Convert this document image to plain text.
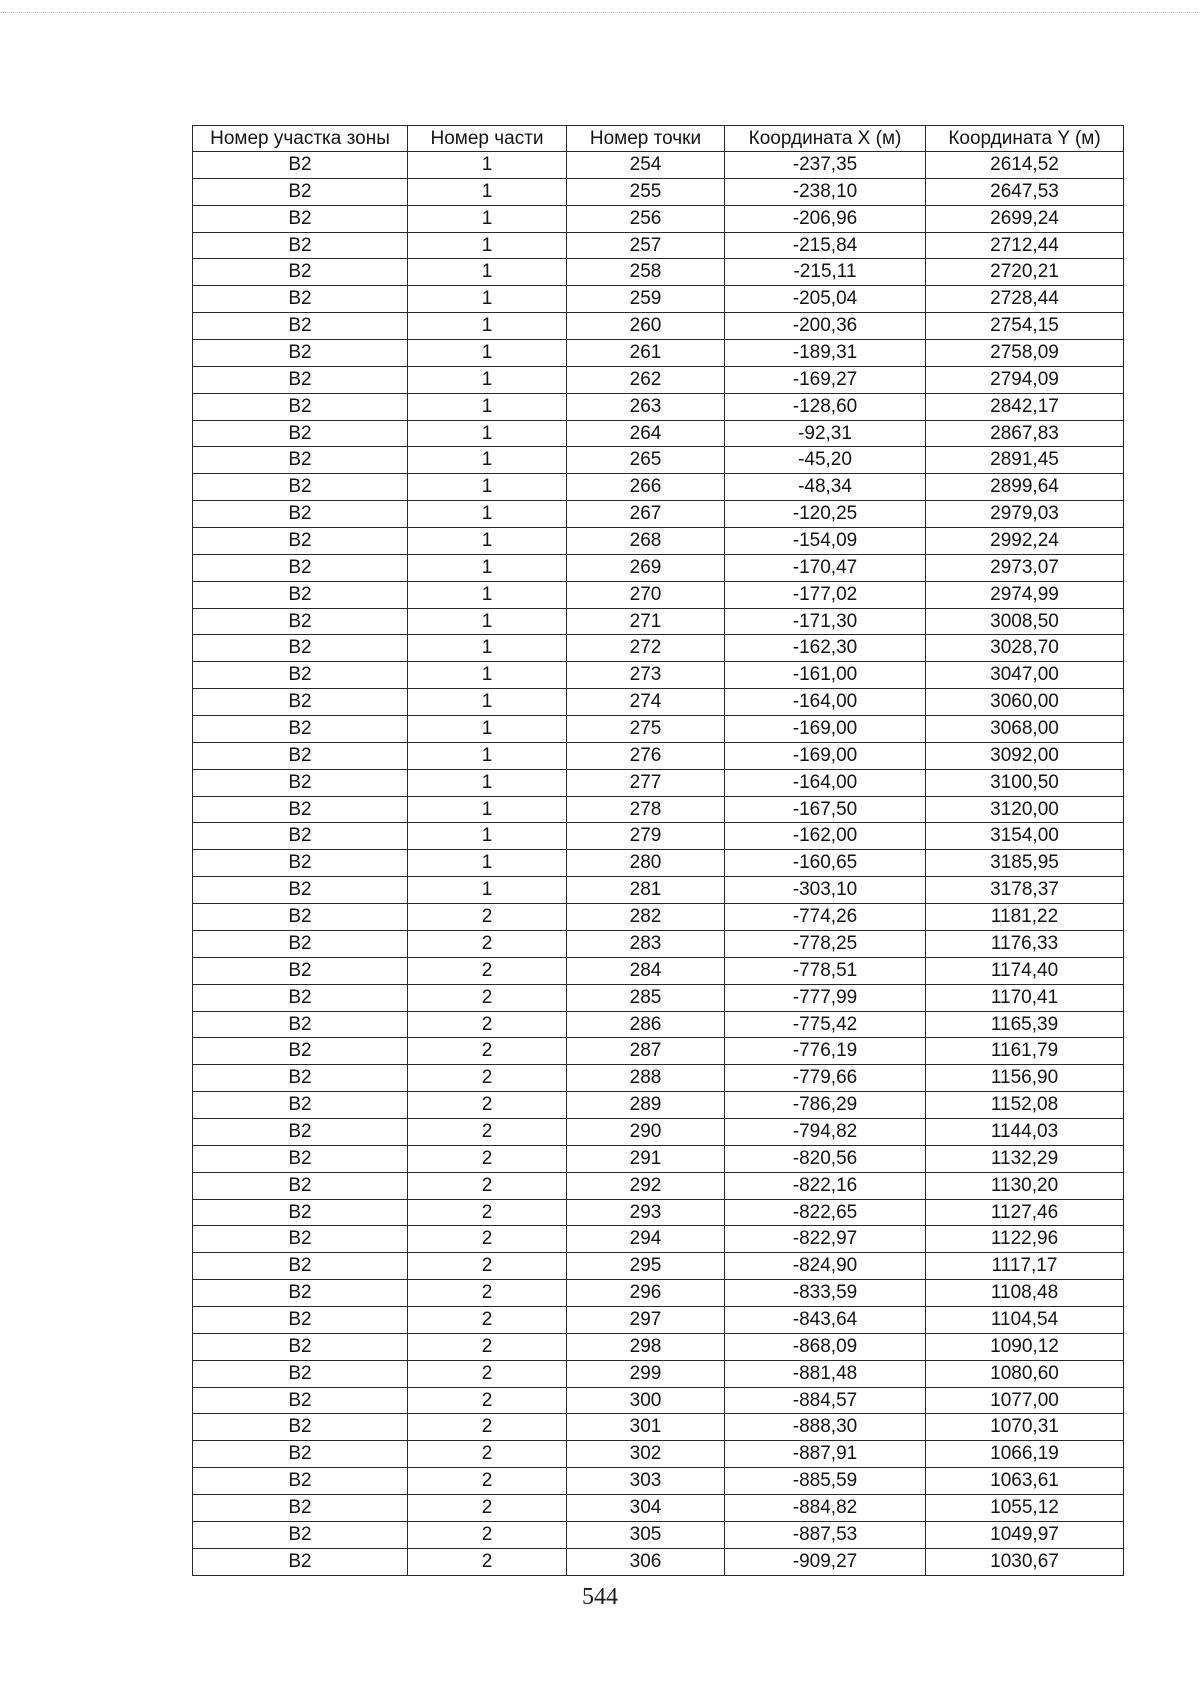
Номер участка зоны	Номер части	Номер точки	Координата X (м)	Координата Y (м)
В2	1	254	-237,35	2614,52
В2	1	255	-238,10	2647,53
В2	1	256	-206,96	2699,24
В2	1	257	-215,84	2712,44
В2	1	258	-215,11	2720,21
В2	1	259	-205,04	2728,44
В2	1	260	-200,36	2754,15
В2	1	261	-189,31	2758,09
В2	1	262	-169,27	2794,09
В2	1	263	-128,60	2842,17
В2	1	264	-92,31	2867,83
В2	1	265	-45,20	2891,45
В2	1	266	-48,34	2899,64
В2	1	267	-120,25	2979,03
В2	1	268	-154,09	2992,24
В2	1	269	-170,47	2973,07
В2	1	270	-177,02	2974,99
В2	1	271	-171,30	3008,50
В2	1	272	-162,30	3028,70
В2	1	273	-161,00	3047,00
В2	1	274	-164,00	3060,00
В2	1	275	-169,00	3068,00
В2	1	276	-169,00	3092,00
В2	1	277	-164,00	3100,50
В2	1	278	-167,50	3120,00
В2	1	279	-162,00	3154,00
В2	1	280	-160,65	3185,95
В2	1	281	-303,10	3178,37
В2	2	282	-774,26	1181,22
В2	2	283	-778,25	1176,33
В2	2	284	-778,51	1174,40
В2	2	285	-777,99	1170,41
В2	2	286	-775,42	1165,39
В2	2	287	-776,19	1161,79
В2	2	288	-779,66	1156,90
В2	2	289	-786,29	1152,08
В2	2	290	-794,82	1144,03
В2	2	291	-820,56	1132,29
В2	2	292	-822,16	1130,20
В2	2	293	-822,65	1127,46
В2	2	294	-822,97	1122,96
В2	2	295	-824,90	1117,17
В2	2	296	-833,59	1108,48
В2	2	297	-843,64	1104,54
В2	2	298	-868,09	1090,12
В2	2	299	-881,48	1080,60
В2	2	300	-884,57	1077,00
В2	2	301	-888,30	1070,31
В2	2	302	-887,91	1066,19
В2	2	303	-885,59	1063,61
В2	2	304	-884,82	1055,12
В2	2	305	-887,53	1049,97
В2	2	306	-909,27	1030,67
544
